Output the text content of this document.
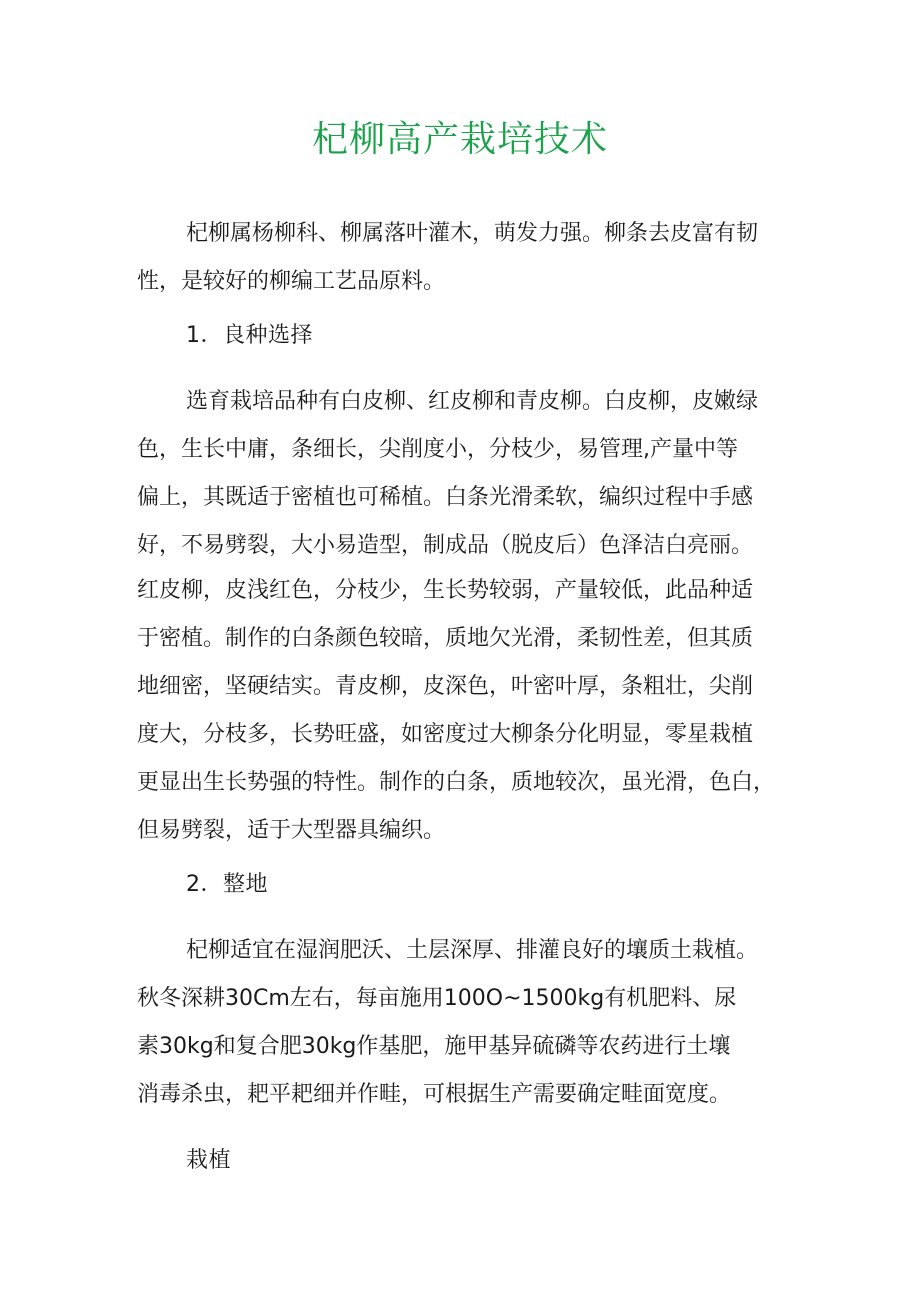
杞柳高产栽培技术

杞柳属杨柳科、柳属落叶灌木，萌发力强。柳条去皮富有韧

性，是较好的柳编工艺品原料。

1．良种选择

选育栽培品种有白皮柳、红皮柳和青皮柳。白皮柳，皮嫩绿

色，生长中庸，条细长，尖削度小，分枝少，易管理,产量中等

偏上，其既适于密植也可稀植。白条光滑柔软，编织过程中手感

好，不易劈裂，大小易造型，制成品（脱皮后）色泽洁白亮丽。

红皮柳，皮浅红色，分枝少，生长势较弱，产量较低，此品种适

于密植。制作的白条颜色较暗，质地欠光滑，柔韧性差，但其质

地细密，坚硬结实。青皮柳，皮深色，叶密叶厚，条粗壮，尖削

度大，分枝多，长势旺盛，如密度过大柳条分化明显，零星栽植

更显出生长势强的特性。制作的白条，质地较次，虽光滑，色白，

但易劈裂，适于大型器具编织。

2．整地

杞柳适宜在湿润肥沃、土层深厚、排灌良好的壤质土栽植。

秋冬深耕30Cm左右，每亩施用100O~1500kg有机肥料、尿

素30kg和复合肥30kg作基肥，施甲基异硫磷等农药进行土壤

消毒杀虫，耙平耙细并作畦，可根据生产需要确定畦面宽度。

栽植
